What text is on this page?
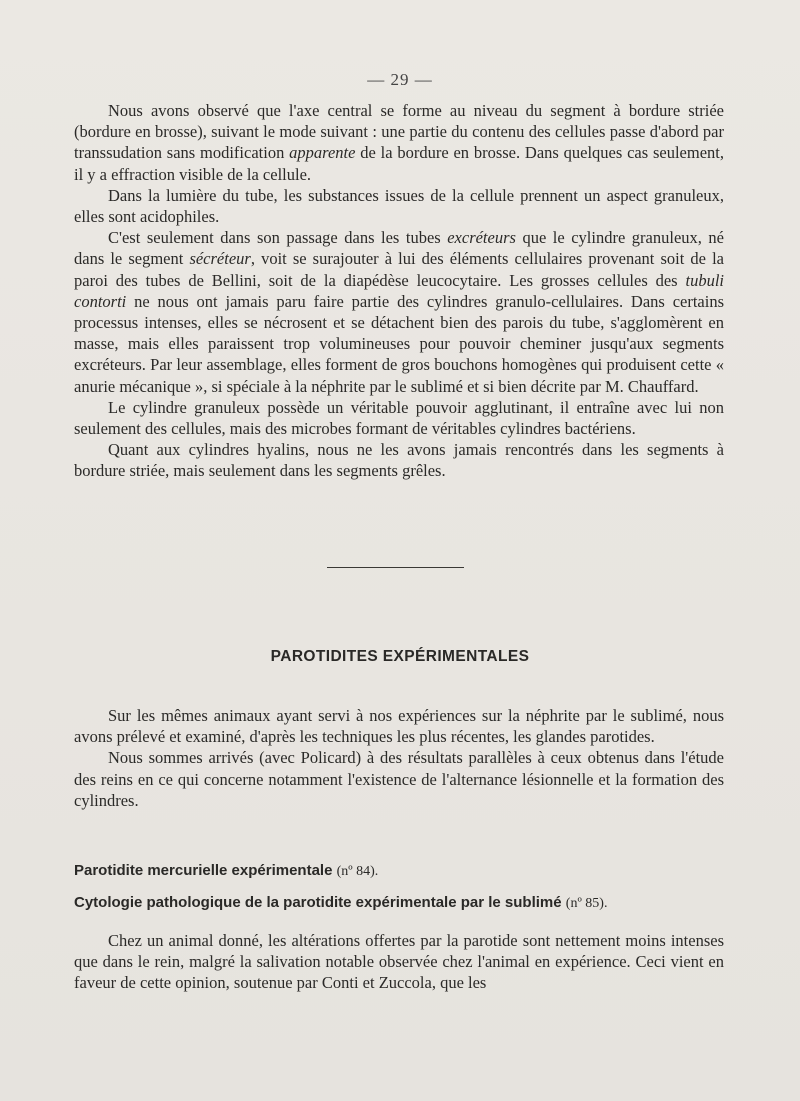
— 29 —

Nous avons observé que l'axe central se forme au niveau du segment à bordure striée (bordure en brosse), suivant le mode suivant : une partie du contenu des cellules passe d'abord par transsudation sans modification apparente de la bordure en brosse. Dans quelques cas seulement, il y a effraction visible de la cellule.

Dans la lumière du tube, les substances issues de la cellule prennent un aspect granuleux, elles sont acidophiles.

C'est seulement dans son passage dans les tubes excréteurs que le cylindre granuleux, né dans le segment sécréteur, voit se surajouter à lui des éléments cellulaires provenant soit de la paroi des tubes de Bellini, soit de la diapédèse leucocytaire. Les grosses cellules des tubuli contorti ne nous ont jamais paru faire partie des cylindres granulo-cellulaires. Dans certains processus intenses, elles se nécrosent et se détachent bien des parois du tube, s'agglomèrent en masse, mais elles paraissent trop volumineuses pour pouvoir cheminer jusqu'aux segments excréteurs. Par leur assemblage, elles forment de gros bouchons homogènes qui produisent cette « anurie mécanique », si spéciale à la néphrite par le sublimé et si bien décrite par M. Chauffard.

Le cylindre granuleux possède un véritable pouvoir agglutinant, il entraîne avec lui non seulement des cellules, mais des microbes formant de véritables cylindres bactériens.

Quant aux cylindres hyalins, nous ne les avons jamais rencontrés dans les segments à bordure striée, mais seulement dans les segments grêles.

PAROTIDITES EXPÉRIMENTALES

Sur les mêmes animaux ayant servi à nos expériences sur la néphrite par le sublimé, nous avons prélevé et examiné, d'après les techniques les plus récentes, les glandes parotides.

Nous sommes arrivés (avec Policard) à des résultats parallèles à ceux obtenus dans l'étude des reins en ce qui concerne notamment l'existence de l'alternance lésionnelle et la formation des cylindres.

Parotidite mercurielle expérimentale (nº 84).
Cytologie pathologique de la parotidite expérimentale par le sublimé (nº 85).

Chez un animal donné, les altérations offertes par la parotide sont nettement moins intenses que dans le rein, malgré la salivation notable observée chez l'animal en expérience. Ceci vient en faveur de cette opinion, soutenue par Conti et Zuccola, que les
